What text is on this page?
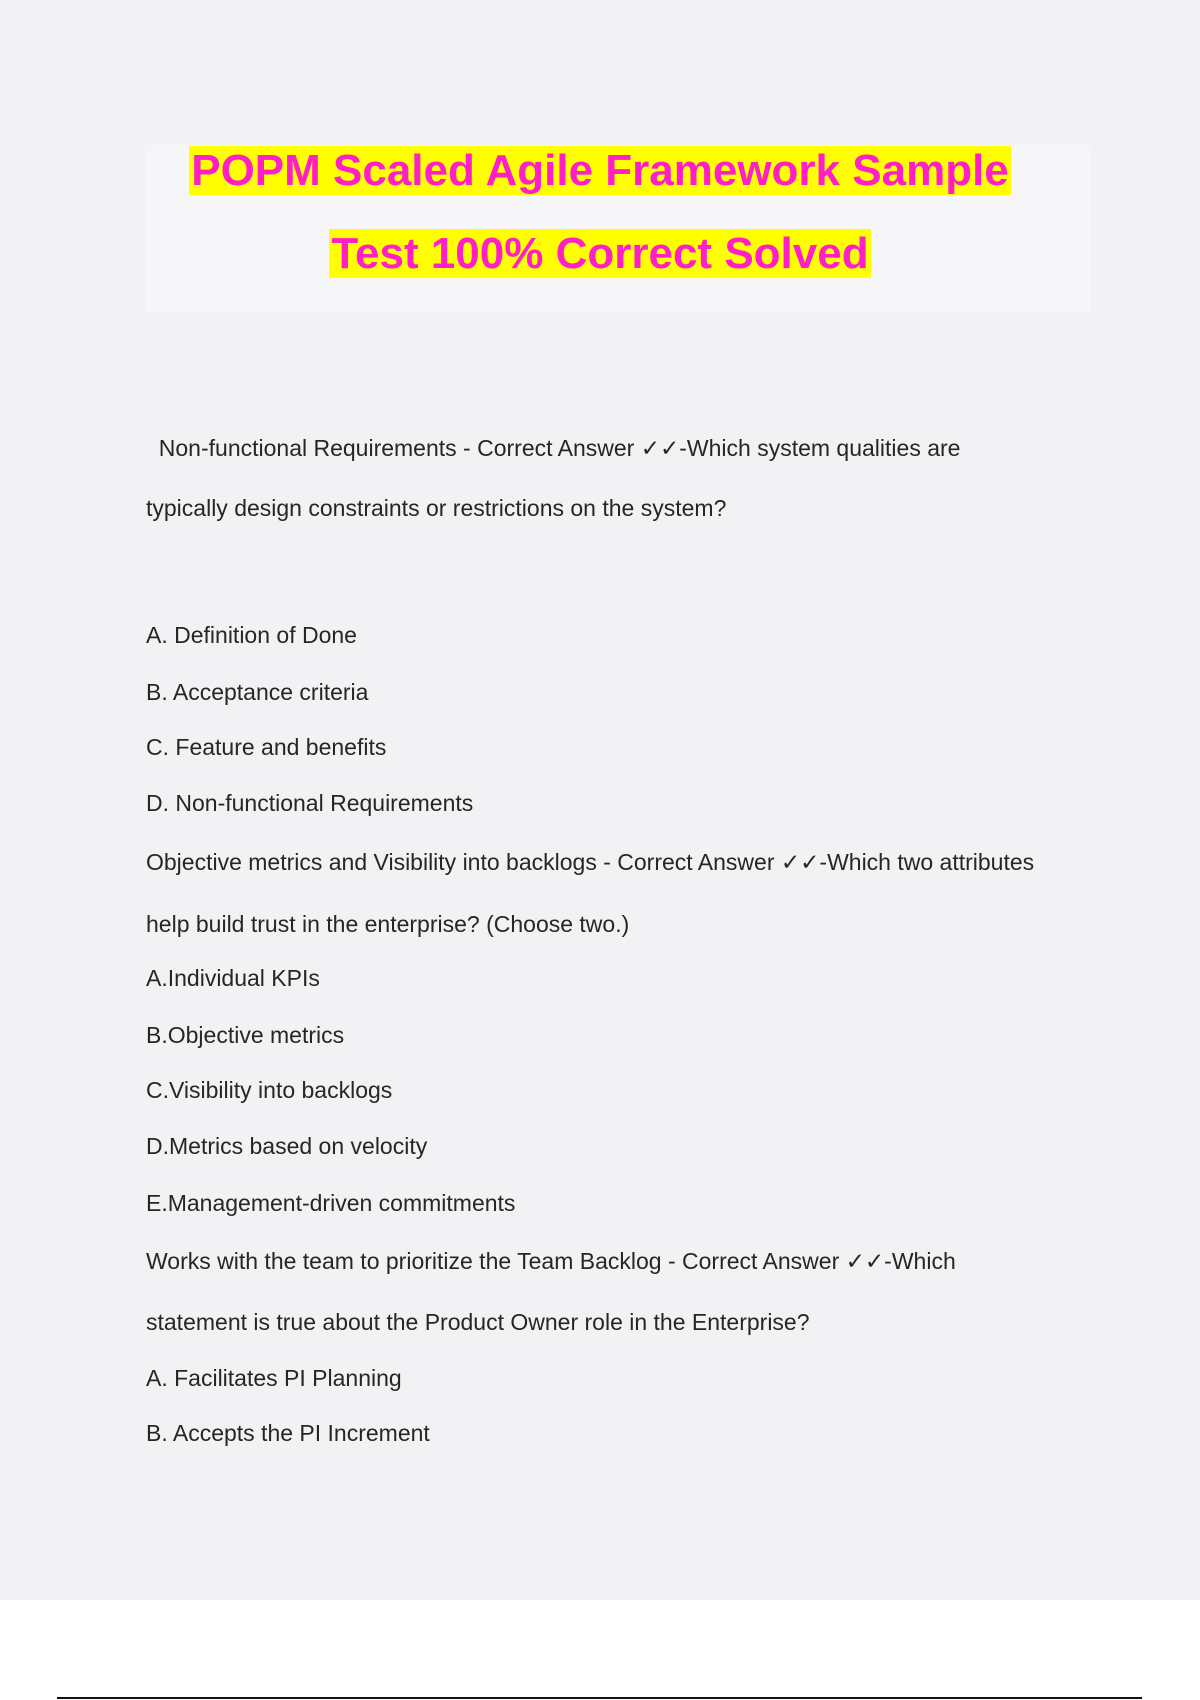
POPM Scaled Agile Framework Sample
Test 100% Correct Solved
Non-functional Requirements - Correct Answer ✓✓-Which system qualities are
typically design constraints or restrictions on the system?
A. Definition of Done
B. Acceptance criteria
C. Feature and benefits
D. Non-functional Requirements
Objective metrics and Visibility into backlogs - Correct Answer ✓✓-Which two attributes
help build trust in the enterprise? (Choose two.)
A.Individual KPIs
B.Objective metrics
C.Visibility into backlogs
D.Metrics based on velocity
E.Management-driven commitments
Works with the team to prioritize the Team Backlog - Correct Answer ✓✓-Which
statement is true about the Product Owner role in the Enterprise?
A. Facilitates PI Planning
B. Accepts the PI Increment
